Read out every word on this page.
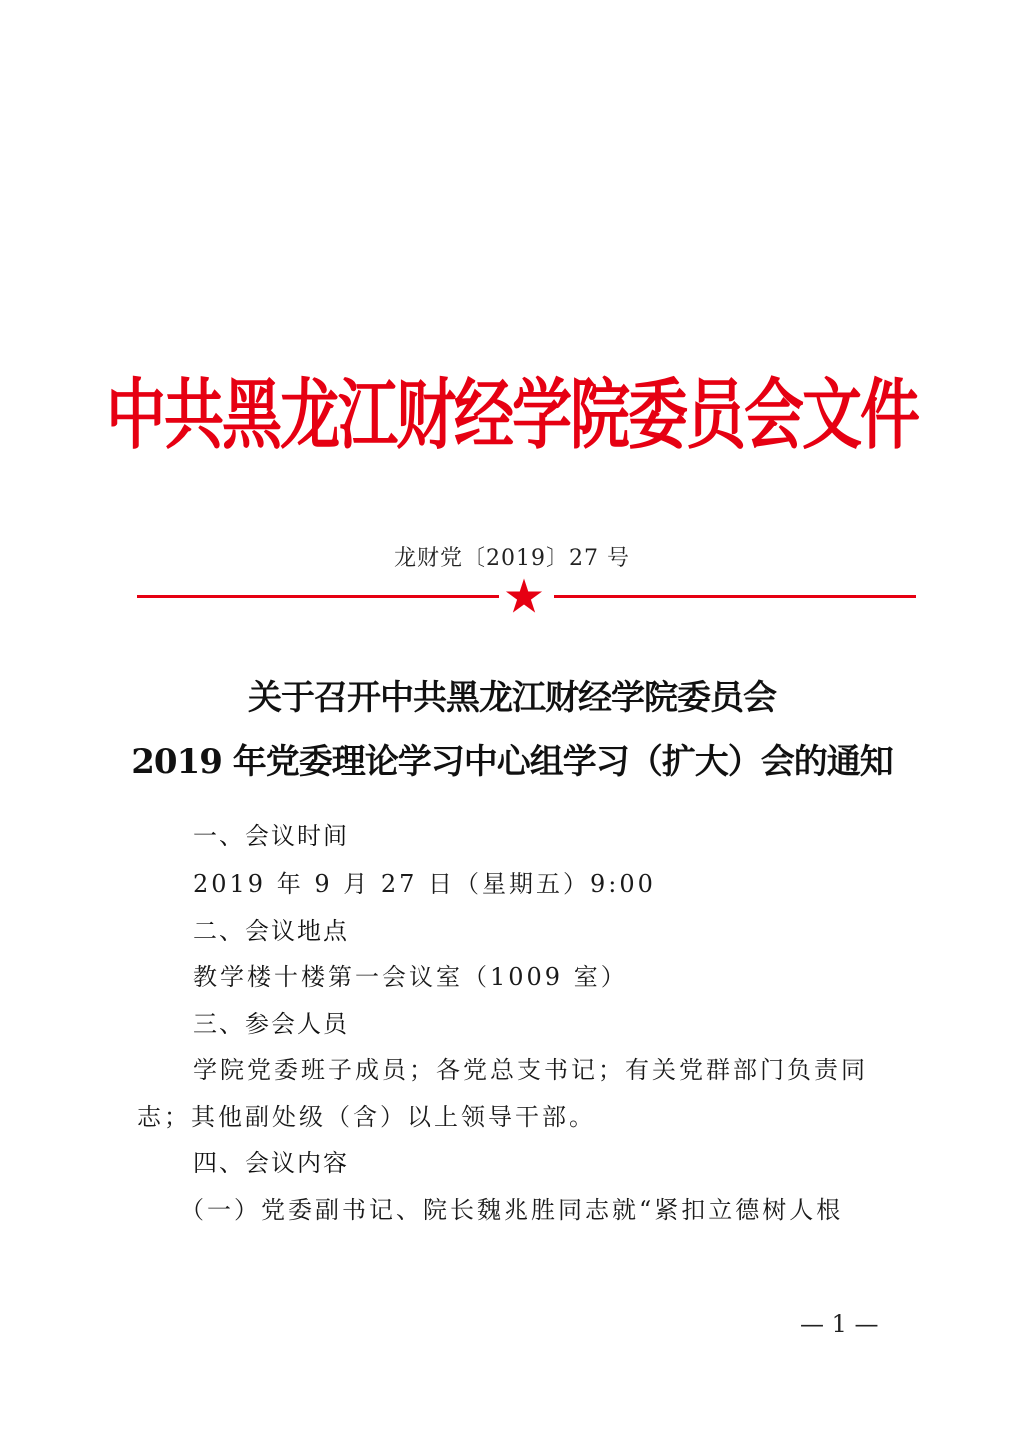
中共黑龙江财经学院委员会文件
龙财党〔2019〕27 号
关于召开中共黑龙江财经学院委员会
2019 年党委理论学习中心组学习（扩大）会的通知
一、会议时间
2019 年 9 月 27 日（星期五）9:00
二、会议地点
教学楼十楼第一会议室（1009 室）
三、参会人员
学院党委班子成员；各党总支书记；有关党群部门负责同
志；其他副处级（含）以上领导干部。
四、会议内容
（一）党委副书记、院长魏兆胜同志就“紧扣立德树人根
— 1 —
